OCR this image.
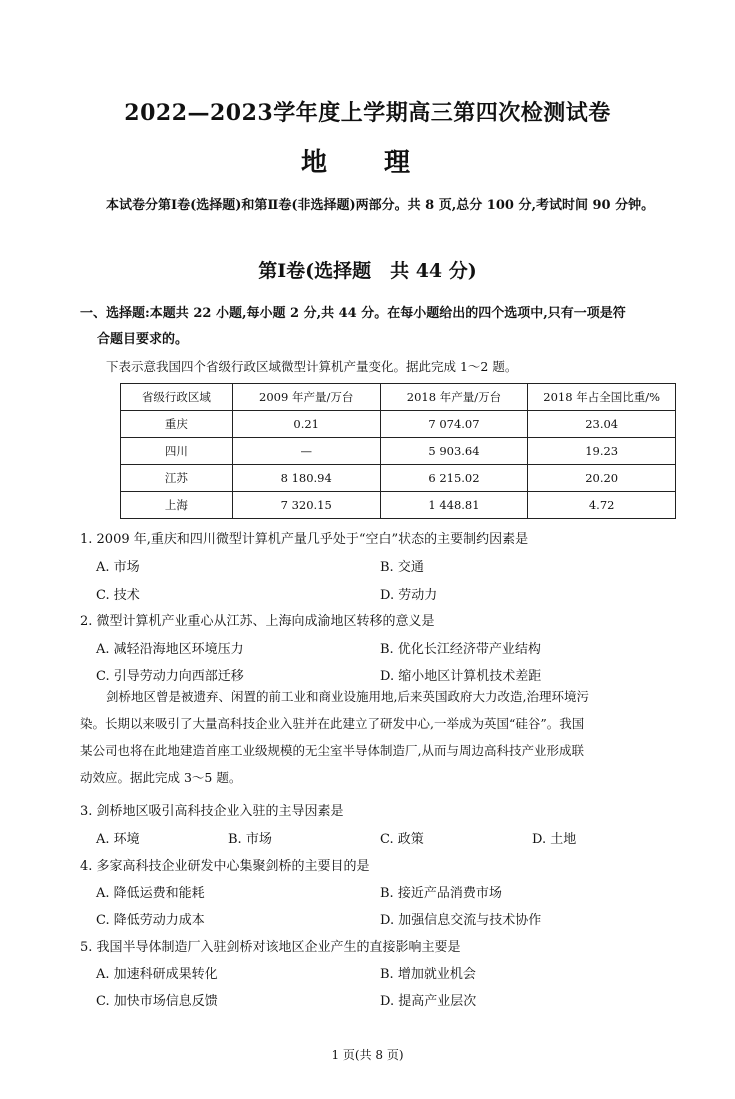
2022—2023学年度上学期高三第四次检测试卷
地 理
本试卷分第Ⅰ卷(选择题)和第Ⅱ卷(非选择题)两部分。共 8 页,总分 100 分,考试时间 90 分钟。
第Ⅰ卷(选择题　共 44 分)
一、选择题:本题共 22 小题,每小题 2 分,共 44 分。在每小题给出的四个选项中,只有一项是符
合题目要求的。
下表示意我国四个省级行政区域微型计算机产量变化。据此完成 1～2 题。
省级行政区域	2009 年产量/万台	2018 年产量/万台	2018 年占全国比重/%
重庆	0.21	7 074.07	23.04
四川	—	5 903.64	19.23
江苏	8 180.94	6 215.02	20.20
上海	7 320.15	1 448.81	4.72
1. 2009 年,重庆和四川微型计算机产量几乎处于“空白”状态的主要制约因素是
A. 市场	B. 交通
C. 技术	D. 劳动力
2. 微型计算机产业重心从江苏、上海向成渝地区转移的意义是
A. 减轻沿海地区环境压力	B. 优化长江经济带产业结构
C. 引导劳动力向西部迁移	D. 缩小地区计算机技术差距
剑桥地区曾是被遗弃、闲置的前工业和商业设施用地,后来英国政府大力改造,治理环境污
染。长期以来吸引了大量高科技企业入驻并在此建立了研发中心,一举成为英国“硅谷”。我国
某公司也将在此地建造首座工业级规模的无尘室半导体制造厂,从而与周边高科技产业形成联
动效应。据此完成 3～5 题。
3. 剑桥地区吸引高科技企业入驻的主导因素是
A. 环境	B. 市场	C. 政策	D. 土地
4. 多家高科技企业研发中心集聚剑桥的主要目的是
A. 降低运费和能耗	B. 接近产品消费市场
C. 降低劳动力成本	D. 加强信息交流与技术协作
5. 我国半导体制造厂入驻剑桥对该地区企业产生的直接影响主要是
A. 加速科研成果转化	B. 增加就业机会
C. 加快市场信息反馈	D. 提高产业层次
1 页(共 8 页)
